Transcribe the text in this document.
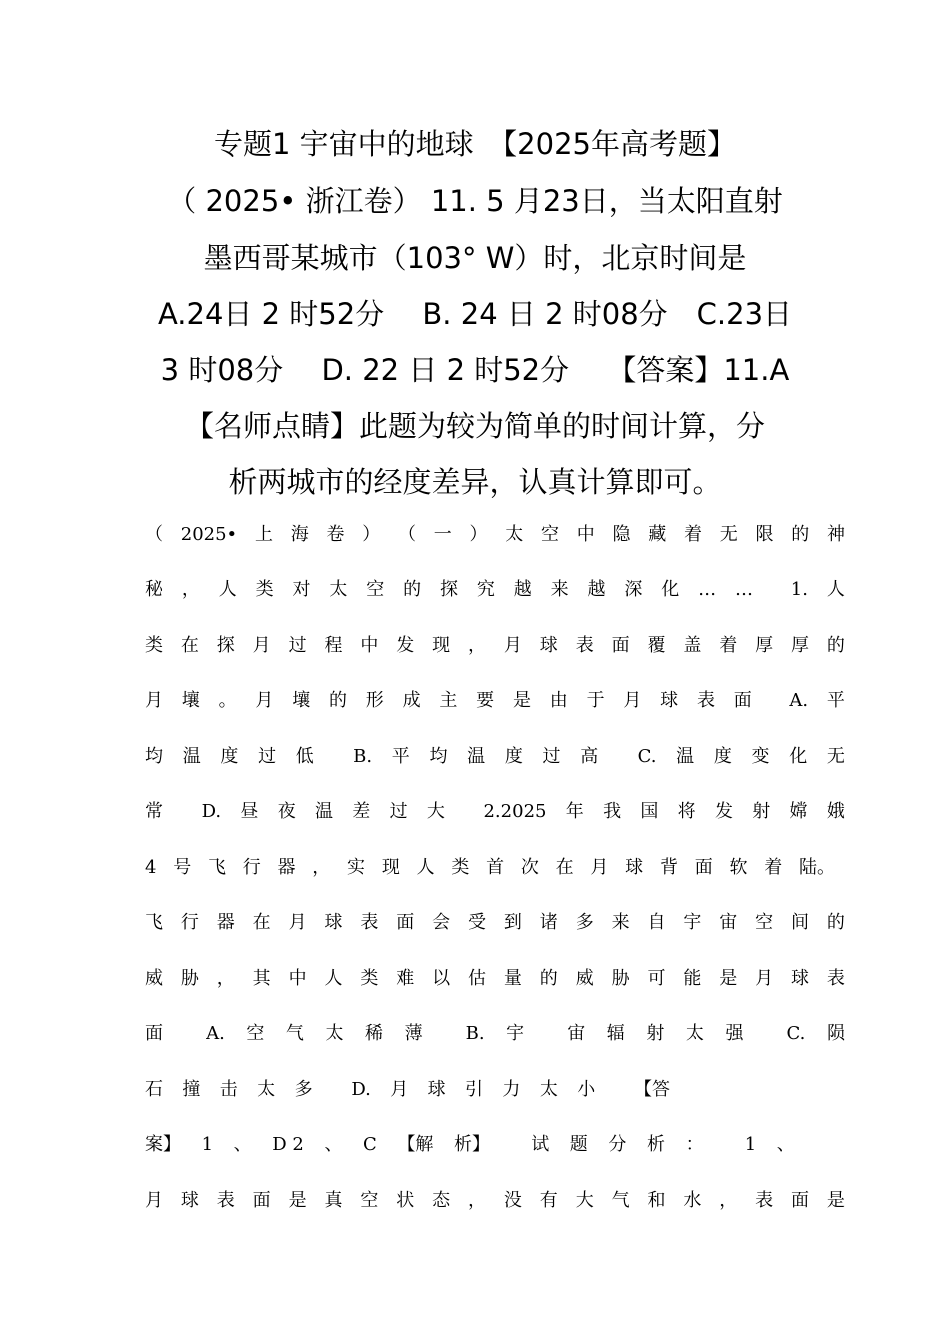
专题1 宇宙中的地球　【2025年高考题】
（ 2025• 浙江卷） 11. 5 月23日，当太阳直射
墨西哥某城市（103° W）时，北京时间是
A.24日 2 时52分　 B. 24 日 2 时08分　C.23日
3 时08分　 D. 22 日 2 时52分　 【答案】11.A
【名师点睛】此题为较为简单的时间计算，分
析两城市的经度差异，认真计算即可。
（ 2025• 上 海 卷 ） （ 一 ） 太 空 中 隐 藏 着 无 限 的 神
秘 ， 人 类 对 太 空 的 探 究 越 来 越 深 化 … … 1. 人
类 在 探 月 过 程 中 发 现 ， 月 球 表 面 覆 盖 着 厚 厚 的
月 壤 。 月 壤 的 形 成 主 要 是 由 于 月 球 表 面 A. 平
均 温 度 过 低 B. 平 均 温 度 过 高 C. 温 度 变 化 无
常 D. 昼 夜 温 差 过 大 2.2025 年 我 国 将 发 射 嫦 娥
4 号 飞 行 器 ， 实 现 人 类 首 次 在 月 球 背 面 软 着 陆。
飞 行 器 在 月 球 表 面 会 受 到 诸 多 来 自 宇 宙 空 间 的
威 胁 ， 其 中 人 类 难 以 估 量 的 威 胁 可 能 是 月 球 表
面 A. 空 气 太 稀 薄 B. 宇 宙 辐 射 太 强 C. 陨
石 撞 击 太 多 D. 月 球 引 力 太 小 【答
案】 1 、 D 2 、 C 【解 析】 试 题 分 析 ： 1 、
月 球 表 面 是 真 空 状 态 ， 没 有 大 气 和 水 ， 表 面 是
